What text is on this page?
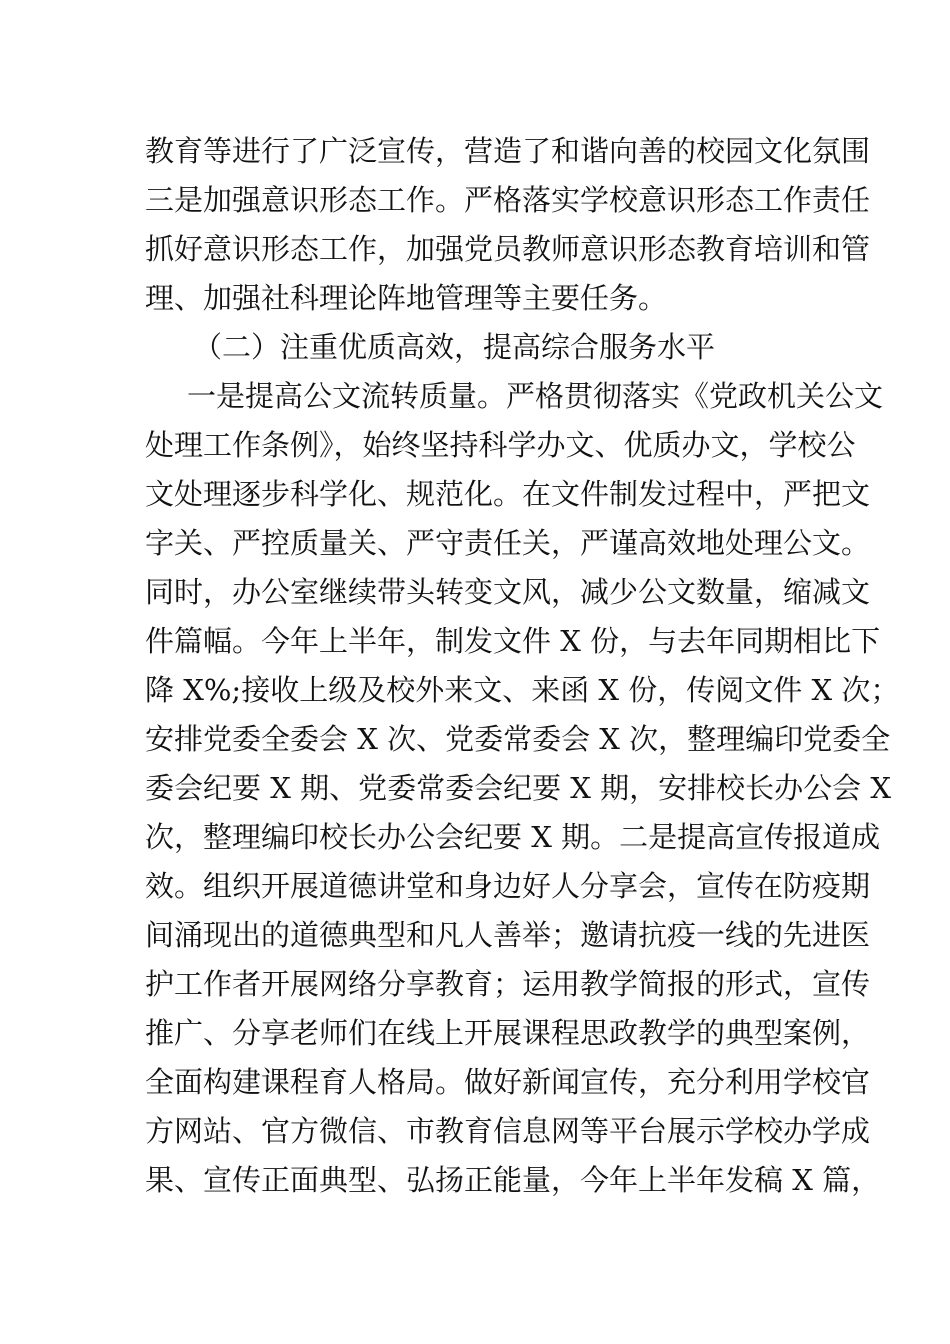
教育等进行了广泛宣传，营造了和谐向善的校园文化氛围
三是加强意识形态工作。严格落实学校意识形态工作责任
抓好意识形态工作，加强党员教师意识形态教育培训和管
理、加强社科理论阵地管理等主要任务。
（二）注重优质高效，提高综合服务水平
一是提高公文流转质量。严格贯彻落实《党政机关公文
处理工作条例》，始终坚持科学办文、优质办文，学校公
文处理逐步科学化、规范化。在文件制发过程中，严把文
字关、严控质量关、严守责任关，严谨高效地处理公文。
同时，办公室继续带头转变文风，减少公文数量，缩减文
件篇幅。今年上半年，制发文件 X 份，与去年同期相比下
降 X%;接收上级及校外来文、来函 X 份，传阅文件 X 次；
安排党委全委会 X 次、党委常委会 X 次，整理编印党委全
委会纪要 X 期、党委常委会纪要 X 期，安排校长办公会 X
次，整理编印校长办公会纪要 X 期。二是提高宣传报道成
效。组织开展道德讲堂和身边好人分享会，宣传在防疫期
间涌现出的道德典型和凡人善举；邀请抗疫一线的先进医
护工作者开展网络分享教育；运用教学简报的形式，宣传
推广、分享老师们在线上开展课程思政教学的典型案例，
全面构建课程育人格局。做好新闻宣传，充分利用学校官
方网站、官方微信、市教育信息网等平台展示学校办学成
果、宣传正面典型、弘扬正能量，今年上半年发稿 X 篇，
